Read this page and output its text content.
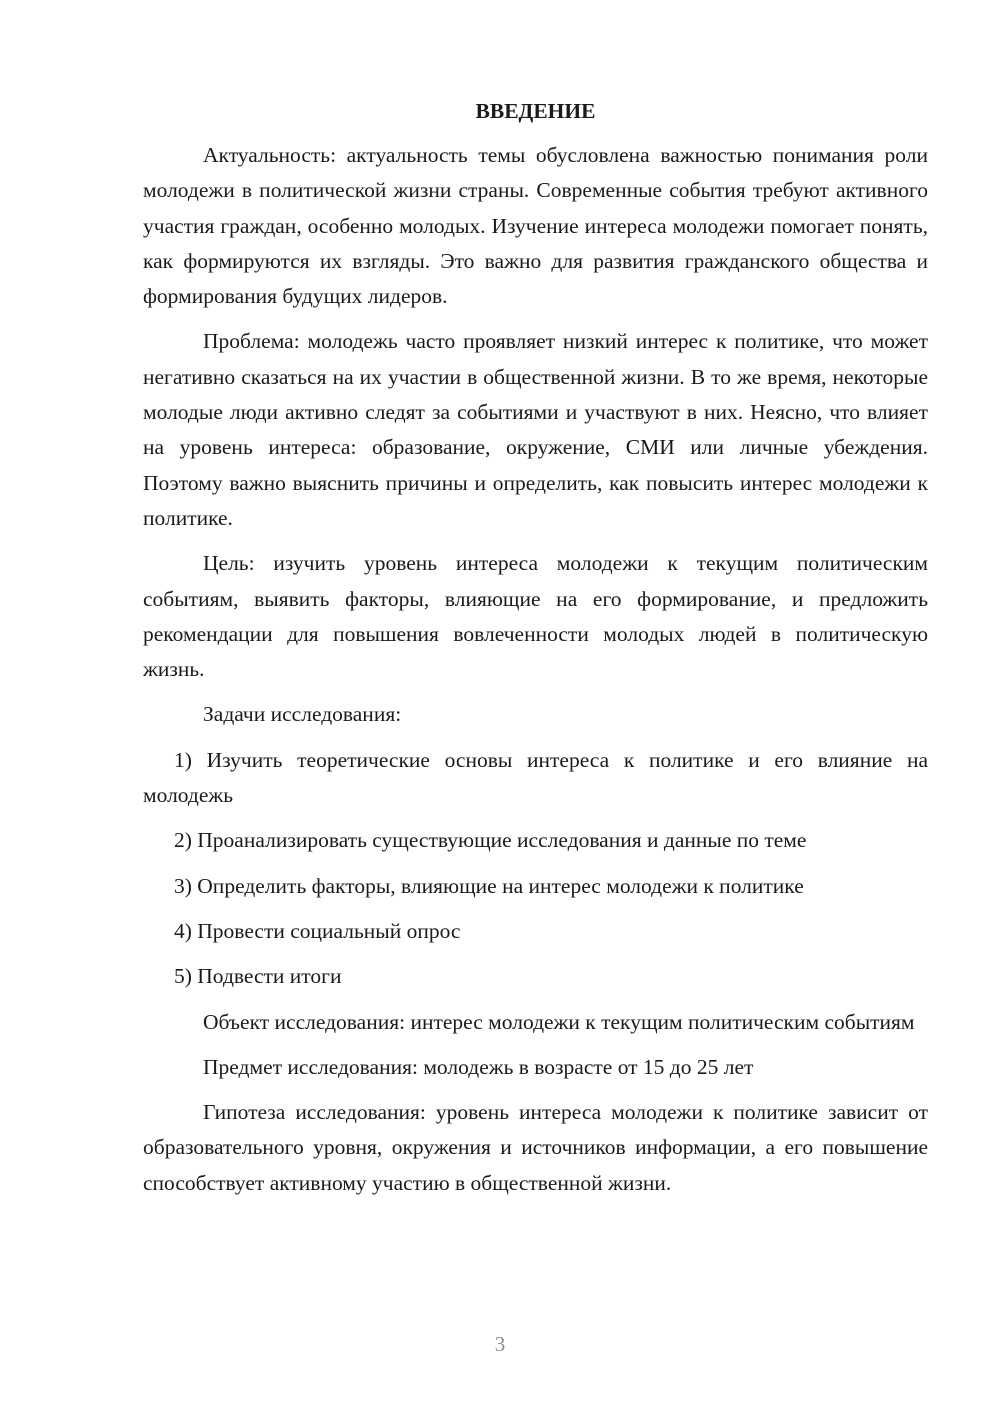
ВВЕДЕНИЕ

Актуальность: актуальность темы обусловлена важностью понимания роли молодежи в политической жизни страны. Современные события требуют активного участия граждан, особенно молодых. Изучение интереса молодежи помогает понять, как формируются их взгляды. Это важно для развития гражданского общества и формирования будущих лидеров.

Проблема: молодежь часто проявляет низкий интерес к политике, что может негативно сказаться на их участии в общественной жизни. В то же время, некоторые молодые люди активно следят за событиями и участвуют в них. Неясно, что влияет на уровень интереса: образование, окружение, СМИ или личные убеждения. Поэтому важно выяснить причины и определить, как повысить интерес молодежи к политике.

Цель: изучить уровень интереса молодежи к текущим политическим событиям, выявить факторы, влияющие на его формирование, и предложить рекомендации для повышения вовлеченности молодых людей в политическую жизнь.

Задачи исследования:

1) Изучить теоретические основы интереса к политике и его влияние на молодежь

2) Проанализировать существующие исследования и данные по теме

3) Определить факторы, влияющие на интерес молодежи к политике

4) Провести социальный опрос

5) Подвести итоги

Объект исследования: интерес молодежи к текущим политическим событиям

Предмет исследования: молодежь в возрасте от 15 до 25 лет

Гипотеза исследования: уровень интереса молодежи к политике зависит от образовательного уровня, окружения и источников информации, а его повышение способствует активному участию в общественной жизни.

3
